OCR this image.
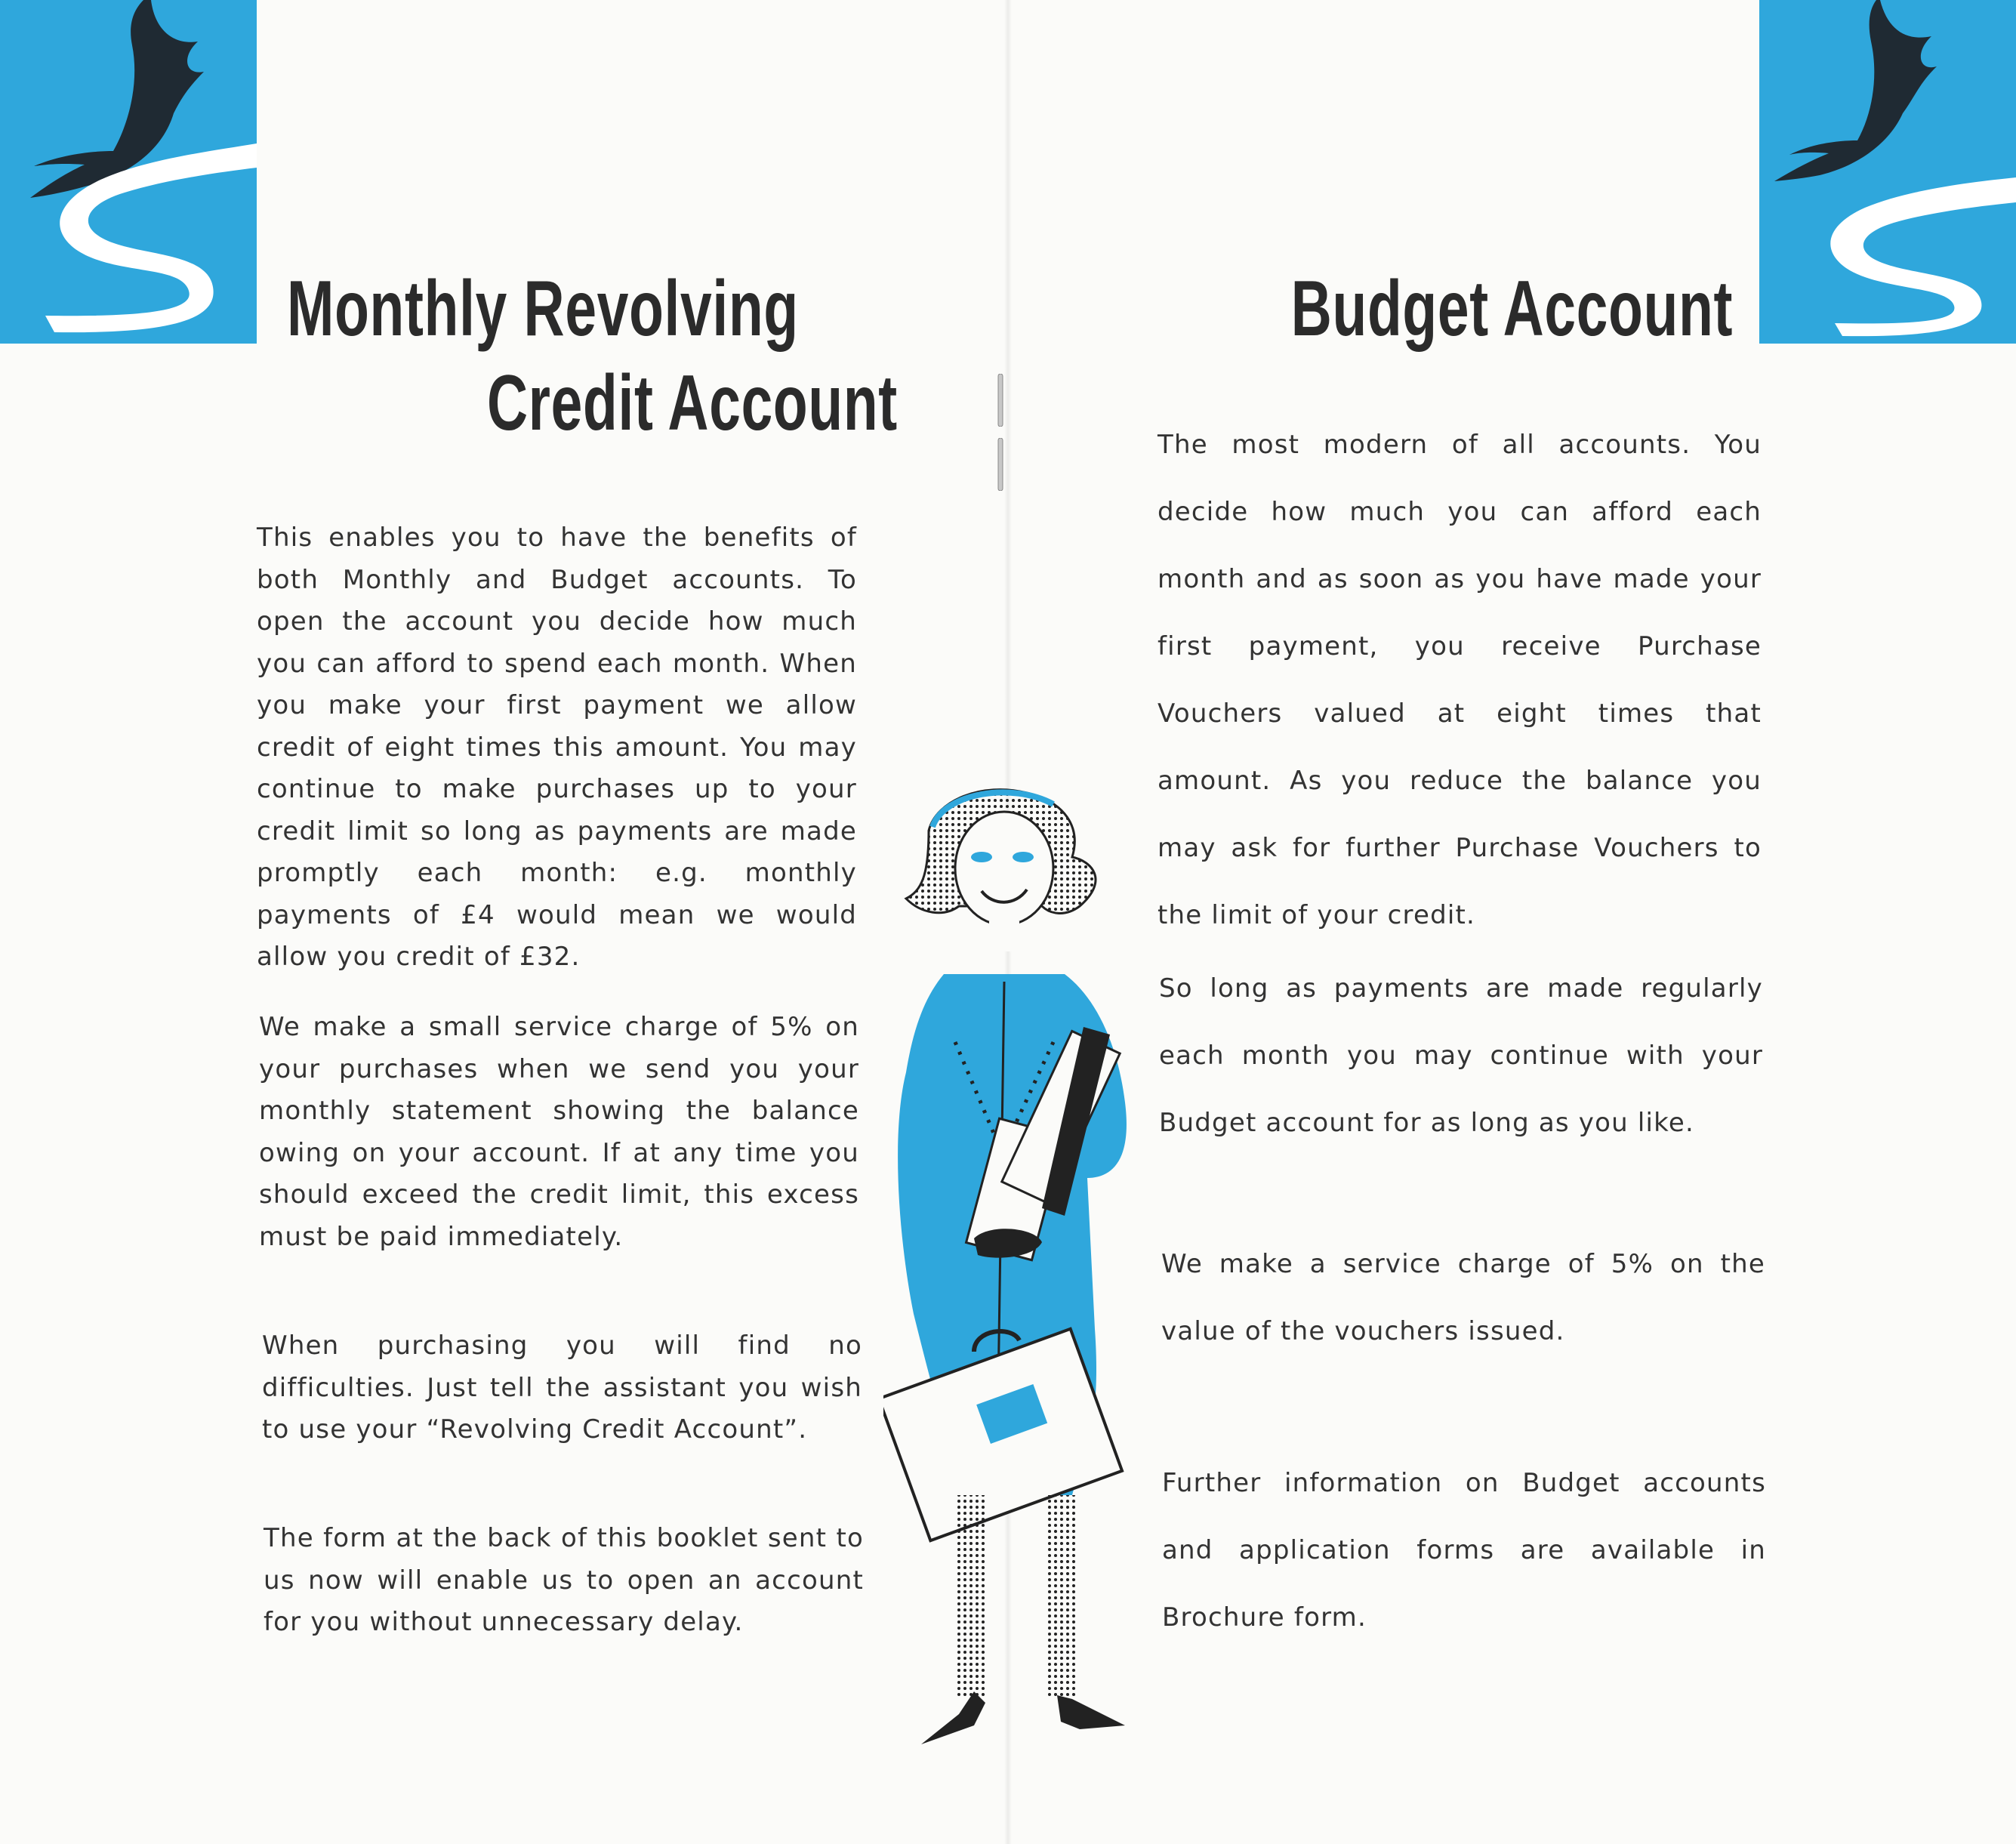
Monthly Revolving
Credit Account

This enables you to have the benefits of both Monthly and Budget accounts. To open the account you decide how much you can afford to spend each month. When you make your first payment we allow credit of eight times this amount. You may continue to make purchases up to your credit limit so long as payments are made promptly each month: e.g. monthly payments of £4 would mean we would allow you credit of £32.

We make a small service charge of 5% on your purchases when we send you your monthly statement showing the balance owing on your account. If at any time you should exceed the credit limit, this excess must be paid immediately.

When purchasing you will find no difficulties. Just tell the assistant you wish to use your “Revolving Credit Account”.

The form at the back of this booklet sent to us now will enable us to open an account for you without unnecessary delay.

Budget Account

The most modern of all accounts. You decide how much you can afford each month and as soon as you have made your first payment, you receive Purchase Vouchers valued at eight times that amount. As you reduce the balance you may ask for further Purchase Vouchers to the limit of your credit.

So long as payments are made regularly each month you may continue with your Budget account for as long as you like.

We make a service charge of 5% on the value of the vouchers issued.

Further information on Budget accounts and application forms are available in Brochure form.
